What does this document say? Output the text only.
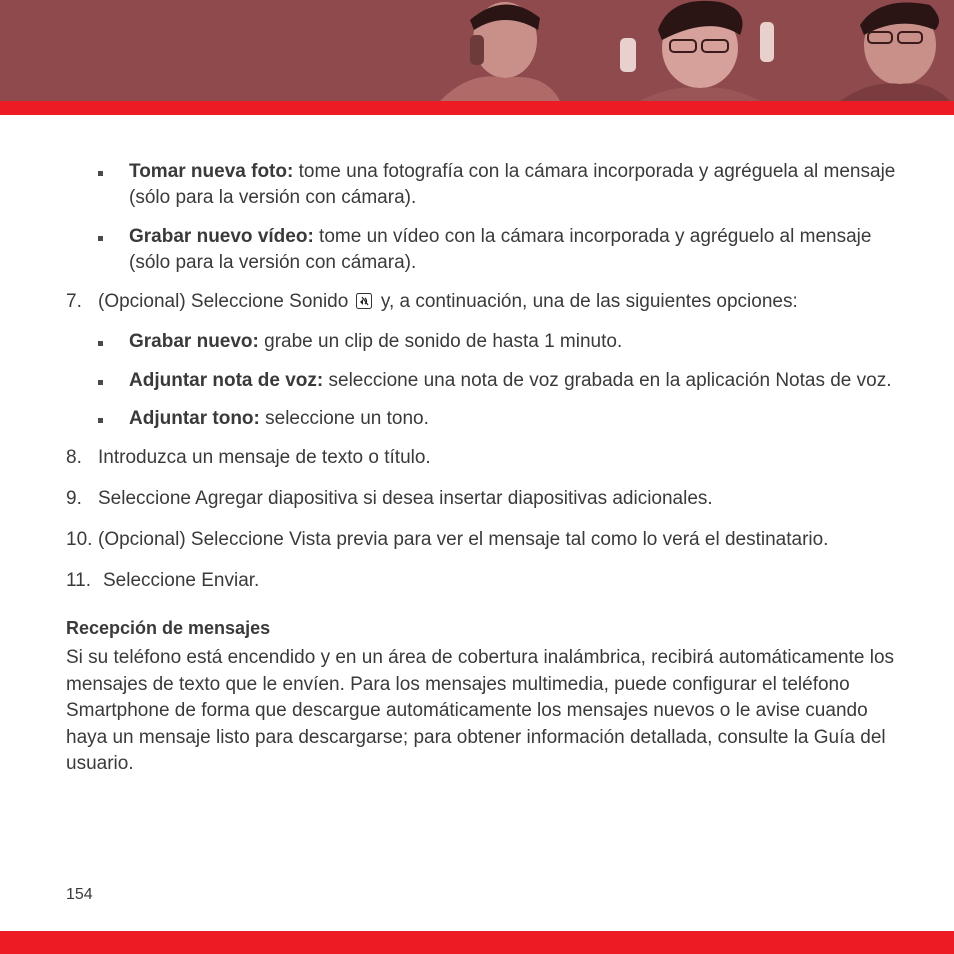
Tomar nueva foto: tome una fotografía con la cámara incorporada y agréguela al mensaje
(sólo para la versión con cámara).
Grabar nuevo vídeo: tome un vídeo con la cámara incorporada y agréguelo al mensaje
(sólo para la versión con cámara).
7. (Opcional) Seleccione Sonido y, a continuación, una de las siguientes opciones:
Grabar nuevo: grabe un clip de sonido de hasta 1 minuto.
Adjuntar nota de voz: seleccione una nota de voz grabada en la aplicación Notas de voz.
Adjuntar tono: seleccione un tono.
8. Introduzca un mensaje de texto o título.
9. Seleccione Agregar diapositiva si desea insertar diapositivas adicionales.
10. (Opcional) Seleccione Vista previa para ver el mensaje tal como lo verá el destinatario.
11. Seleccione Enviar.
Recepción de mensajes
Si su teléfono está encendido y en un área de cobertura inalámbrica, recibirá automáticamente los mensajes de texto que le envíen. Para los mensajes multimedia, puede configurar el teléfono Smartphone de forma que descargue automáticamente los mensajes nuevos o le avise cuando haya un mensaje listo para descargarse; para obtener información detallada, consulte la Guía del usuario.
154
